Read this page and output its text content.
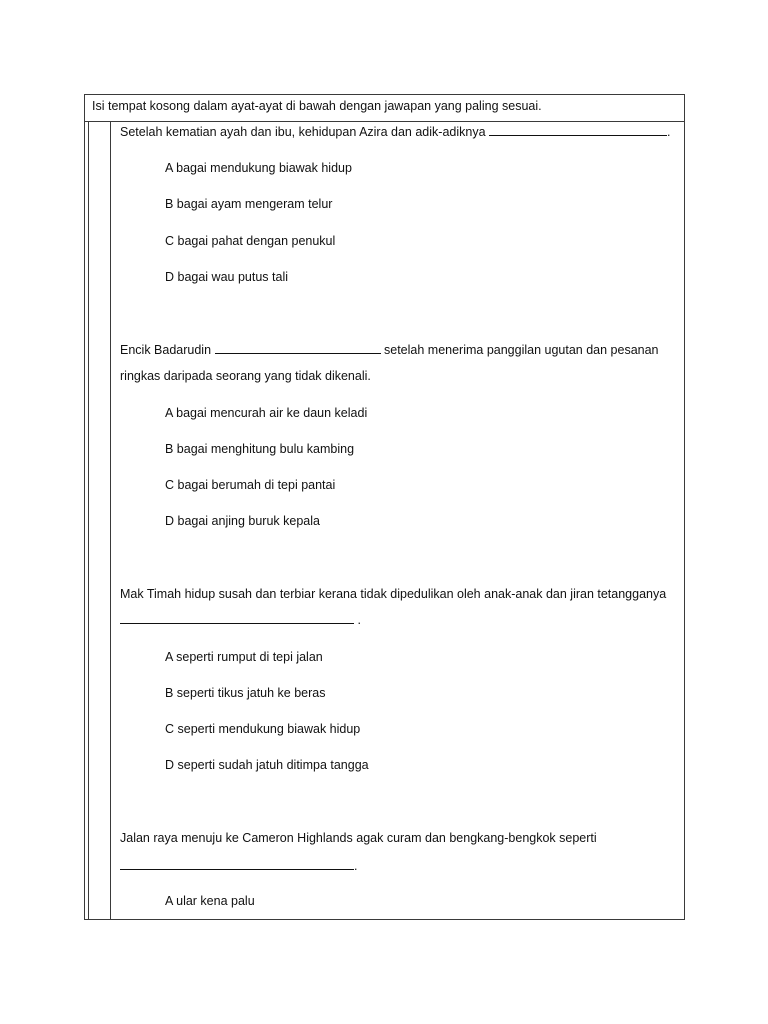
Isi tempat kosong dalam ayat-ayat di bawah dengan jawapan yang paling sesuai.
Setelah kematian ayah dan ibu, kehidupan Azira dan adik-adiknya	.
A bagai mendukung biawak hidup
B bagai ayam mengeram telur
C bagai pahat dengan penukul
D bagai wau putus tali
Encik Badarudin	setelah menerima panggilan ugutan dan pesanan
ringkas daripada seorang yang tidak dikenali.
A bagai mencurah air ke daun keladi
B bagai menghitung bulu kambing
C bagai berumah di tepi pantai
D bagai anjing buruk kepala
Mak Timah hidup susah dan terbiar kerana tidak dipedulikan oleh anak-anak dan jiran tetangganya
.
A seperti rumput di tepi jalan
B seperti tikus jatuh ke beras
C seperti mendukung biawak hidup
D seperti sudah jatuh ditimpa tangga
Jalan raya menuju ke Cameron Highlands agak curam dan bengkang-bengkok seperti
.
A ular kena palu
